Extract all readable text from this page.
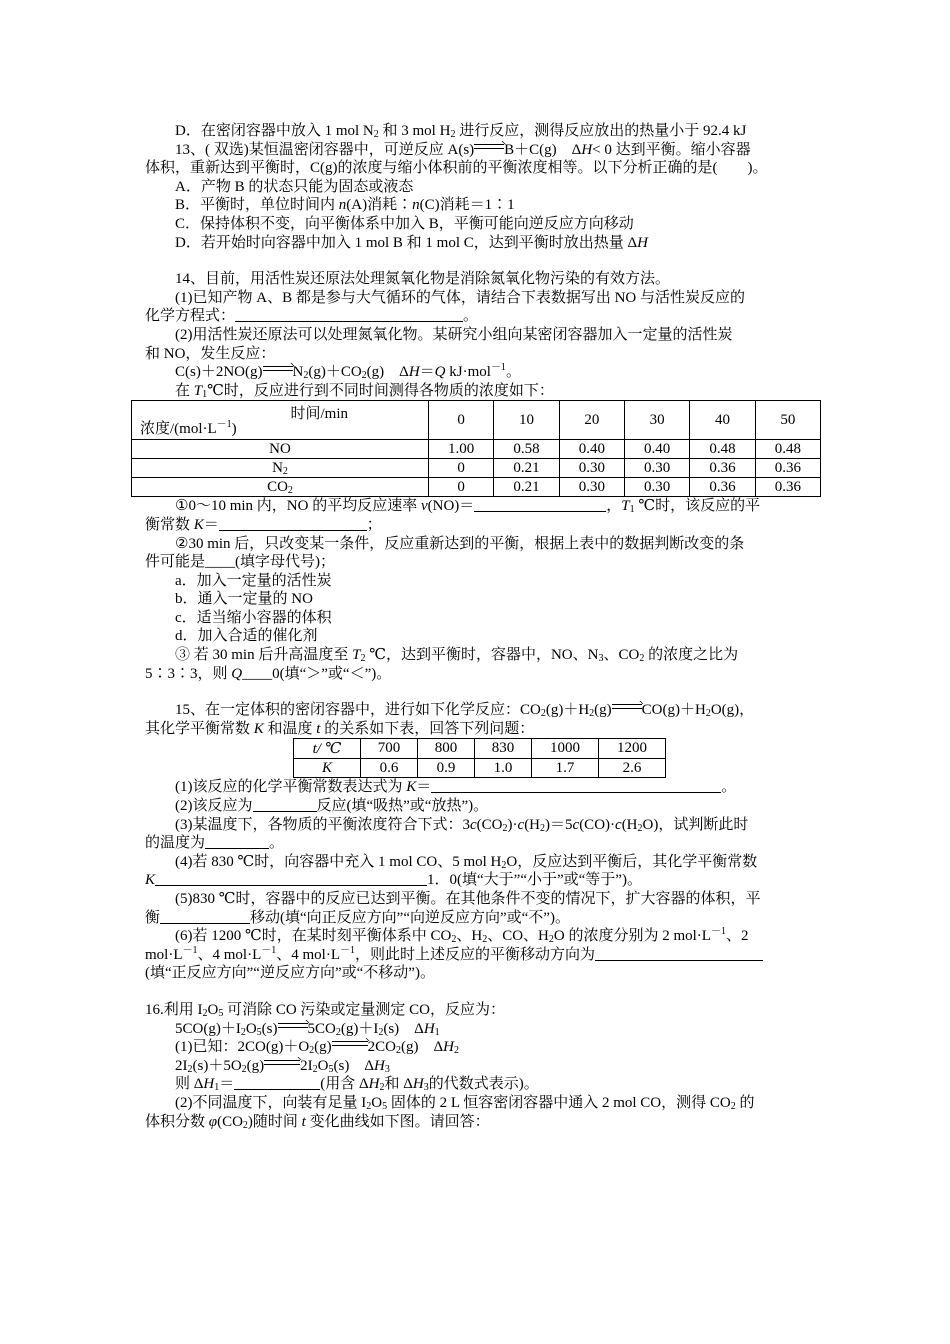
D．在密闭容器中放入 1 mol $N_2$ 和 3 mol $H_2$ 进行反应，测得反应放出的热量小于 92.4 kJ
13、( 双选)某恒温密闭容器中，可逆反应 A(s) B＋C(g)　ΔH< 0 达到平衡。缩小容器
体积，重新达到平衡时，C(g)的浓度与缩小体积前的平衡浓度相等。以下分析正确的是(　　)。
A．产物 B 的状态只能为固态或液态
B．平衡时，单位时间内 n(A)消耗∶n(C)消耗＝1∶1
C．保持体积不变，向平衡体系中加入 B，平衡可能向逆反应方向移动
D．若开始时向容器中加入 1 mol B 和 1 mol C，达到平衡时放出热量 ΔH
14、目前，用活性炭还原法处理氮氧化物是消除氮氧化物污染的有效方法。
(1)已知产物 A、B 都是参与大气循环的气体，请结合下表数据写出 NO 与活性炭反应的
化学方程式：	。
(2)用活性炭还原法可以处理氮氧化物。某研究小组向某密闭容器加入一定量的活性炭
和 NO，发生反应：
C(s)＋2NO(g) $N_2(g)+CO_2(g)$　ΔH＝Q kJ·mol$^{-1}$。
在 $T_1℃$时，反应进行到不同时间测得各物质的浓度如下：
时间/min
浓度$/(mol\cdot L^{-1})$	0	10	20	30	40	50
NO	1.00	0.58	0.40	0.40	0.48	0.48
$N_2$	0	0.21	0.30	0.30	0.36	0.36
$CO_2$	0	0.21	0.30	0.30	0.36	0.36
①0～10 min 内，NO 的平均反应速率 v(NO)＝	，$T_1$ ℃时，该反应的平
衡常数 K＝	；
②30 min 后，只改变某一条件，反应重新达到的平衡，根据上表中的数据判断改变的条
件可能是____(填字母代号)；
a．加入一定量的活性炭
b．通入一定量的 NO
c．适当缩小容器的体积
d．加入合适的催化剂
③ 若 30 min 后升高温度至 $T_2$ ℃，达到平衡时，容器中，NO、$N_3$、$CO_2$ 的浓度之比为
5∶3∶3，则 Q____0(填“＞”或“＜”)。
15、在一定体积的密闭容器中，进行如下化学反应：$CO_2(g)+H_2(g)$ $CO(g)+H_2O(g)$，
其化学平衡常数 K 和温度 t 的关系如下表，回答下列问题：
t/ ℃	700	800	830	1000	1200
K	0.6	0.9	1.0	1.7	2.6
(1)该反应的化学平衡常数表达式为 K＝	。
(2)该反应为	反应(填“吸热”或“放热”)。
(3)某温度下，各物质的平衡浓度符合下式：$3c(CO_2)\cdot c(H_2)=5c(CO)\cdot c(H_2O)$，试判断此时
的温度为	。
(4)若 830 ℃时，向容器中充入 1 mol CO、5 mol $H_2O$，反应达到平衡后，其化学平衡常数
K	1．0(填“大于”“小于”或“等于”)。
(5)830 ℃时，容器中的反应已达到平衡。在其他条件不变的情况下，扩大容器的体积，平
衡	移动(填“向正反应方向”“向逆反应方向”或“不”)。
(6)若 1200 ℃时，在某时刻平衡体系中 $CO_2$、$H_2$、CO、$H_2O$ 的浓度分别为 2 $mol\cdot L^{-1}$、2
$mol\cdot L^{-1}$、4 $mol\cdot L^{-1}$、4 $mol\cdot L^{-1}$，则此时上述反应的平衡移动方向为
(填“正反应方向”“逆反应方向”或“不移动”)。
16.利用 $I_2O_5$ 可消除 CO 污染或定量测定 CO，反应为：
$5CO(g)+I_2O_5(s)$ $5CO_2(g)+I_2(s)$　$\Delta H_1$
(1)已知：$2CO(g)+O_2(g)$ $2CO_2(g)$　$\Delta H_2$
$2I_2(s)+5O_2(g)$ $2I_2O_5(s)$　$\Delta H_3$
则 $\Delta H_1=$	(用含 $\Delta H_2$和 $\Delta H_3$的代数式表示)。
(2)不同温度下，向装有足量 $I_2O_5$ 固体的 2 L 恒容密闭容器中通入 2 mol CO，测得 $CO_2$ 的
体积分数 $\varphi(CO_2)$随时间 t 变化曲线如下图。请回答：
